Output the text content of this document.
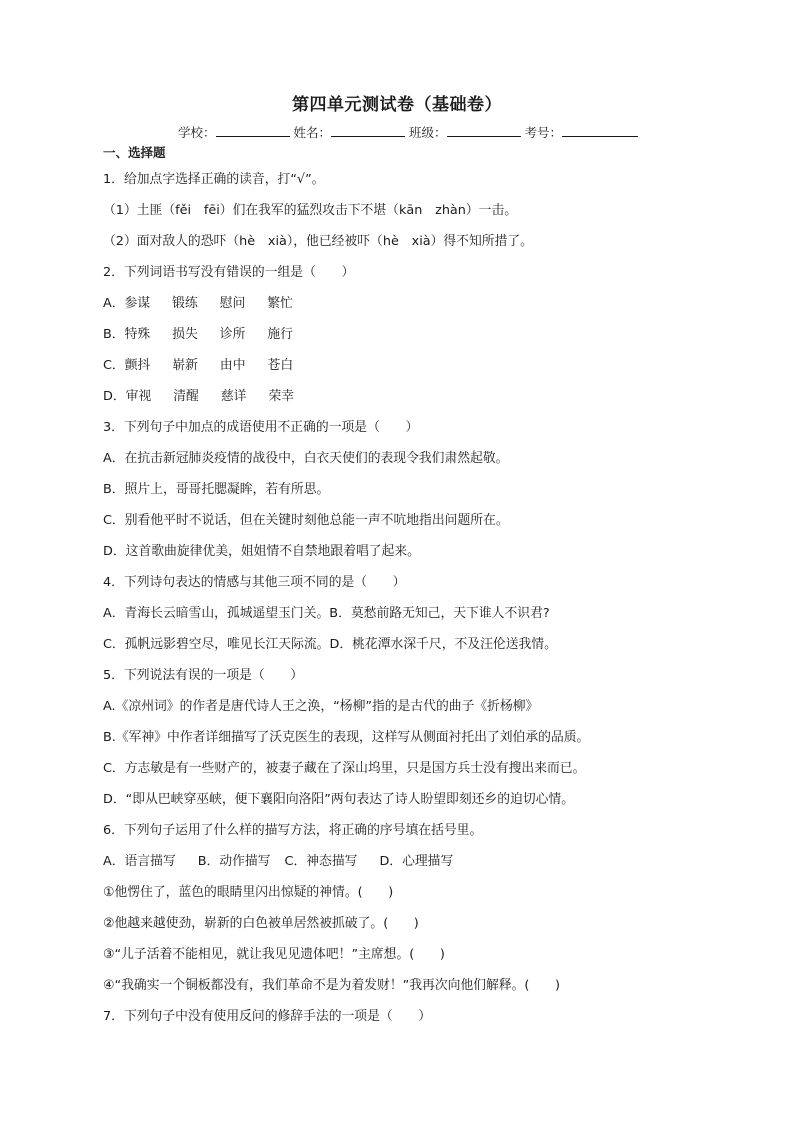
第四单元测试卷（基础卷）
学校：	姓名：	班级：	考号：
一、选择题
1．给加点字选择正确的读音，打“√”。
（1）土匪（fěi　fēi）们在我军的猛烈攻击下不堪（kān　zhàn）一击。
（2）面对敌人的恐吓（hè　xià），他已经被吓（hè　xià）得不知所措了。
2．下列词语书写没有错误的一组是（　　）
A．参谋 锻练 慰问 繁忙
B．特殊 损失 诊所 施行
C．颤抖 崭新 由中 苍白
D．审视 清醒 慈详 荣幸
3．下列句子中加点的成语使用不正确的一项是（　　）
A．在抗击新冠肺炎疫情的战役中，白衣天使们的表现令我们肃然起敬。
B．照片上，哥哥托腮凝眸，若有所思。
C．别看他平时不说话，但在关键时刻他总能一声不吭地指出问题所在。
D．这首歌曲旋律优美，姐姐情不自禁地跟着唱了起来。
4．下列诗句表达的情感与其他三项不同的是（　　）
A．青海长云暗雪山，孤城遥望玉门关。B．莫愁前路无知己，天下谁人不识君?
C．孤帆远影碧空尽，唯见长江天际流。D．桃花潭水深千尺，不及汪伦送我情。
5．下列说法有误的一项是（　　）
A.《凉州词》的作者是唐代诗人王之涣，“杨柳”指的是古代的曲子《折杨柳》
B.《军神》中作者详细描写了沃克医生的表现，这样写从侧面衬托出了刘伯承的品质。
C．方志敏是有一些财产的，被妻子藏在了深山坞里，只是国方兵士没有搜出来而已。
D．“即从巴峡穿巫峡，便下襄阳向洛阳”两句表达了诗人盼望即刻还乡的迫切心情。
6．下列句子运用了什么样的描写方法，将正确的序号填在括号里。
A．语言描写 B．动作描写 C．神态描写 D．心理描写
①他愣住了，蓝色的眼睛里闪出惊疑的神情。(　　)
②他越来越使劲，崭新的白色被单居然被抓破了。(　　)
③“儿子活着不能相见，就让我见见遗体吧！”主席想。(　　)
④“我确实一个铜板都没有，我们革命不是为着发财！”我再次向他们解释。(　　)
7．下列句子中没有使用反问的修辞手法的一项是（　　）
